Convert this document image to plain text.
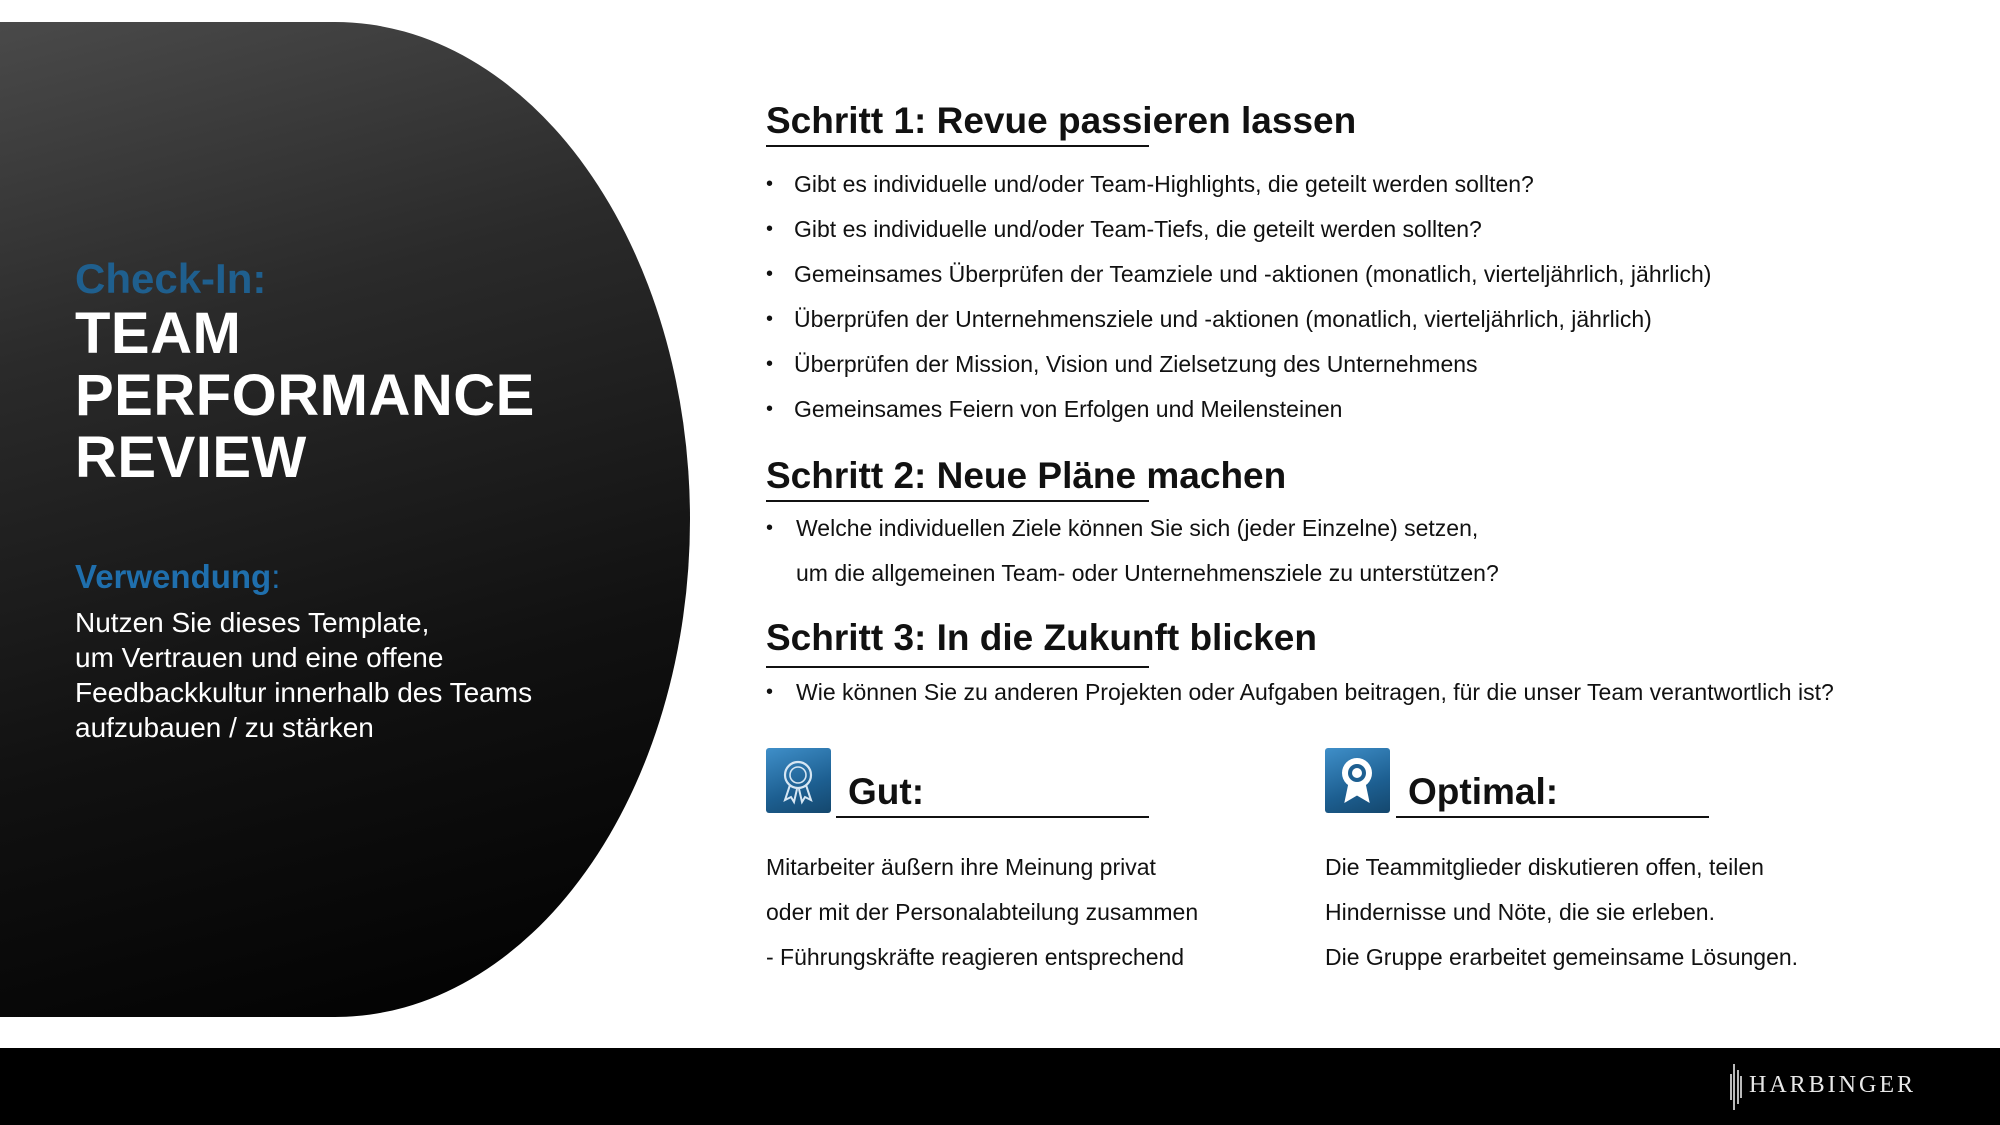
Check-In:
TEAM
PERFORMANCE
REVIEW
Verwendung:
Nutzen Sie dieses Template,
um Vertrauen und eine offene
Feedbackkultur innerhalb des Teams
aufzubauen / zu stärken
Schritt 1: Revue passieren lassen
• Gibt es individuelle und/oder Team-Highlights, die geteilt werden sollten?
• Gibt es individuelle und/oder Team-Tiefs, die geteilt werden sollten?
• Gemeinsames Überprüfen der Teamziele und -aktionen (monatlich, vierteljährlich, jährlich)
• Überprüfen der Unternehmensziele und -aktionen (monatlich, vierteljährlich, jährlich)
• Überprüfen der Mission, Vision und Zielsetzung des Unternehmens
• Gemeinsames Feiern von Erfolgen und Meilensteinen
Schritt 2: Neue Pläne machen
• Welche individuellen Ziele können Sie sich (jeder Einzelne) setzen,
um die allgemeinen Team- oder Unternehmensziele zu unterstützen?
Schritt 3: In die Zukunft blicken
• Wie können Sie zu anderen Projekten oder Aufgaben beitragen, für die unser Team verantwortlich ist?
Gut:
Mitarbeiter äußern ihre Meinung privat
oder mit der Personalabteilung zusammen
- Führungskräfte reagieren entsprechend
Optimal:
Die Teammitglieder diskutieren offen, teilen
Hindernisse und Nöte, die sie erleben.
Die Gruppe erarbeitet gemeinsame Lösungen.
HARBINGER
